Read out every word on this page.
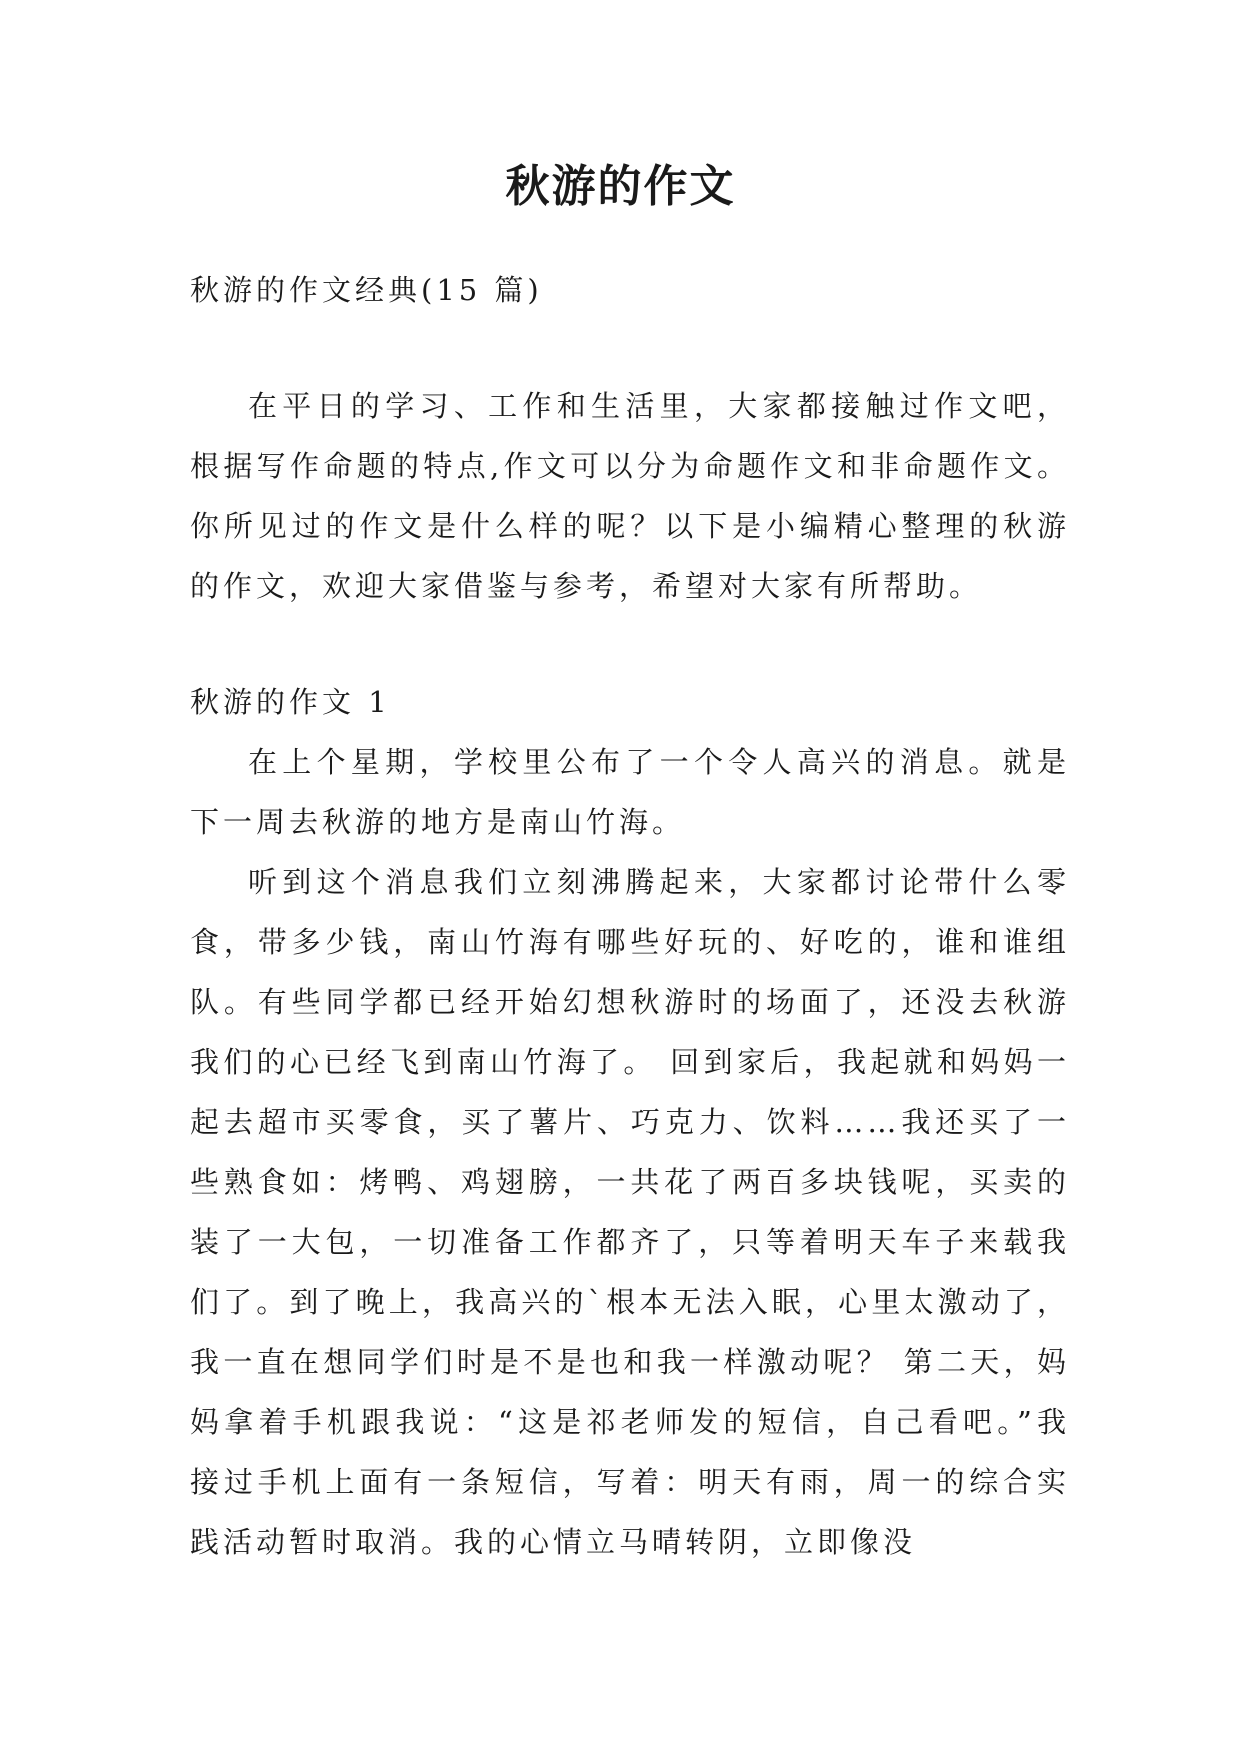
秋游的作文

秋游的作文经典(15 篇)

在平日的学习、工作和生活里，大家都接触过作文吧，根据写作命题的特点,作文可以分为命题作文和非命题作文。你所见过的作文是什么样的呢？以下是小编精心整理的秋游的作文，欢迎大家借鉴与参考，希望对大家有所帮助。

秋游的作文 1

在上个星期，学校里公布了一个令人高兴的消息。就是下一周去秋游的地方是南山竹海。

听到这个消息我们立刻沸腾起来，大家都讨论带什么零食，带多少钱，南山竹海有哪些好玩的、好吃的，谁和谁组队。有些同学都已经开始幻想秋游时的场面了，还没去秋游我们的心已经飞到南山竹海了。 回到家后，我起就和妈妈一起去超市买零食，买了薯片、巧克力、饮料……我还买了一些熟食如：烤鸭、鸡翅膀，一共花了两百多块钱呢，买卖的装了一大包，一切准备工作都齐了，只等着明天车子来载我们了。到了晚上，我高兴的`根本无法入眠，心里太激动了，我一直在想同学们时是不是也和我一样激动呢？ 第二天，妈妈拿着手机跟我说：“这是祁老师发的短信，自己看吧。”我接过手机上面有一条短信，写着：明天有雨，周一的综合实践活动暂时取消。我的心情立马晴转阴，立即像没
